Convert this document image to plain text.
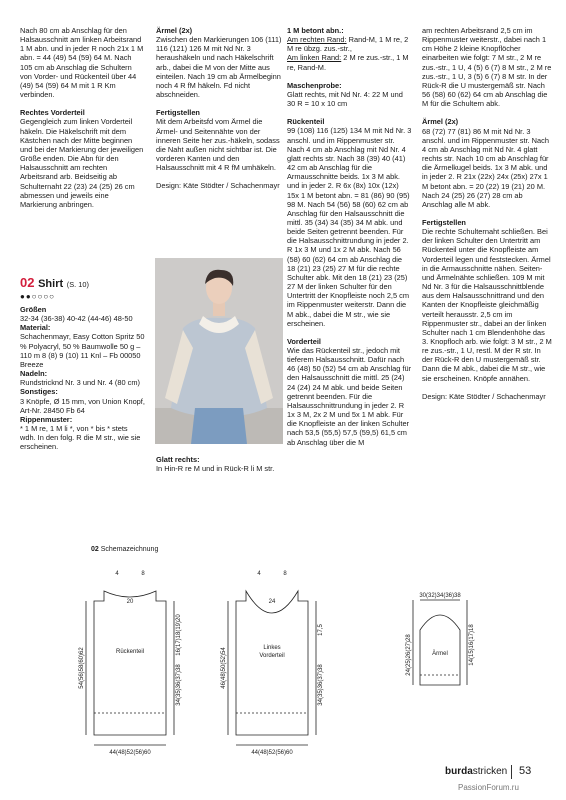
Nach 80 cm ab Anschlag für den Halsausschnitt am linken Arbeitsrand 1 M abn. und in jeder R noch 21x 1 M abn. = 44 (49) 54 (59) 64 M. Nach 105 cm ab Anschlag die Schultern von Vorder- und Rückenteil über 44 (49) 54 (59) 64 M mit 1 R Km verbinden.

Rechtes Vorderteil

Gegengleich zum linken Vorderteil häkeln. Die Häkelschrift mit dem Kästchen nach der Mitte beginnen und bei der Markierung der jeweiligen Größe enden. Die Abn für den Halsausschnitt am rechten Arbeitsrand arb. Beidseitig ab Schulternaht 22 (23) 24 (25) 26 cm abmessen und jeweils eine Markierung anbringen.

02 Shirt (S. 10)
●●○○○○

Größen

32-34 (36-38) 40-42 (44-46) 48-50

Material:

Schachenmayr, Easy Cotton Spritz 50 % Polyacryl, 50 % Baumwolle 50 g – 110 m 8 (8) 9 (10) 11 Knl – Fb 00050 Breeze

Nadeln:

Rundstricknd Nr. 3 und Nr. 4 (80 cm)

Sonstiges:

3 Knöpfe, Ø 15 mm, von Union Knopf, Art-Nr. 28450 Fb 64

Rippenmuster:

* 1 M re, 1 M li *, von * bis * stets wdh. In den folg. R die M str., wie sie erscheinen.

Ärmel (2x)

Zwischen den Markierungen 106 (111) 116 (121) 126 M mit Nd Nr. 3 heraushäkeln und nach Häkelschrift arb., dabei die M von der Mitte aus einteilen. Nach 19 cm ab Ärmelbeginn noch 4 R fM häkeln. Fd nicht abschneiden.

Fertigstellen

Mit dem Arbeitsfd vom Ärmel die Ärmel- und Seitennähte von der inneren Seite her zus.-häkeln, sodass die Naht außen nicht sichtbar ist. Die vorderen Kanten und den Halsausschnitt mit 4 R fM umhäkeln.

Design: Käte Stödter / Schachenmayr

Glatt rechts:

In Hin-R re M und in Rück-R li M str.

1 M betont abn.:

Am rechten Rand: Rand-M, 1 M re, 2 M re übzg. zus.-str.,

Am linken Rand: 2 M re zus.-str., 1 M re, Rand-M.

Maschenprobe:

Glatt rechts, mit Nd Nr. 4: 22 M und 30 R = 10 x 10 cm

Rückenteil

99 (108) 116 (125) 134 M mit Nd Nr. 3 anschl. und im Rippenmuster str. Nach 4 cm ab Anschlag mit Nd Nr. 4 glatt rechts str. Nach 38 (39) 40 (41) 42 cm ab Anschlag für die Armausschnitte beids. 1x 3 M abk. und in jeder 2. R 6x (8x) 10x (12x) 15x 1 M betont abn. = 81 (86) 90 (95) 98 M. Nach 54 (56) 58 (60) 62 cm ab Anschlag für den Halsausschnitt die mittl. 35 (34) 34 (35) 34 M abk. und beide Seiten getrennt beenden. Für die Halsausschnittrundung in jeder 2. R 1x 3 M und 1x 2 M abk. Nach 56 (58) 60 (62) 64 cm ab Anschlag die 18 (21) 23 (25) 27 M für die rechte Schulter abk. Mit den 18 (21) 23 (25) 27 M der linken Schulter für den Untertritt der Knopfleiste noch 2,5 cm im Rippenmuster weiterstr. Dann die M abk., dabei die M str., wie sie erscheinen.

Vorderteil

Wie das Rückenteil str., jedoch mit tieferem Halsausschnitt. Dafür nach 46 (48) 50 (52) 54 cm ab Anschlag für den Halsausschnitt die mittl. 25 (24) 24 (24) 24 M abk. und beide Seiten getrennt beenden. Für die Halsausschnittrundung in jeder 2. R 1x 3 M, 2x 2 M und 5x 1 M abk. Für die Knopfleiste an der linken Schulter nach 53,5 (55,5) 57,5 (59,5) 61,5 cm ab Anschlag über die M

am rechten Arbeitsrand 2,5 cm im Rippenmuster weiterstr., dabei nach 1 cm Höhe 2 kleine Knopflöcher einarbeiten wie folgt: 7 M str., 2 M re zus.-str., 1 U, 4 (5) 6 (7) 8 M str., 2 M re zus.-str., 1 U, 3 (5) 6 (7) 8 M str. In der Rück-R die U mustergemäß str. Nach 56 (58) 60 (62) 64 cm ab Anschlag die M für die Schultern abk.

Ärmel (2x)

68 (72) 77 (81) 86 M mit Nd Nr. 3 anschl. und im Rippenmuster str. Nach 4 cm ab Anschlag mit Nd Nr. 4 glatt rechts str. Nach 10 cm ab Anschlag für die Ärmelkugel beids. 1x 3 M abk. und in jeder 2. R 21x (22x) 24x (25x) 27x 1 M betont abn. = 20 (22) 19 (21) 20 M. Nach 24 (25) 26 (27) 28 cm ab Anschlag alle M abk.

Fertigstellen

Die rechte Schulternaht schließen. Bei der linken Schulter den Untertritt am Rückenteil unter die Knopfleiste am Vorderteil legen und feststecken. Ärmel in die Armausschnitte nähen. Seiten- und Ärmelnähte schließen. 109 M mit Nd Nr. 3 für die Halsausschnittblende aus dem Halsausschnittrand und den Kanten der Knopfleiste gleichmäßig verteilt herausstr. 2,5 cm im Rippenmuster str., dabei an der linken Schulter nach 1 cm Blendenhöhe das 3. Knopfloch arb. wie folgt: 3 M str., 2 M re zus.-str., 1 U, restl. M der R str. In der Rück-R den U mustergemäß str. Dann die M abk., dabei die M str., wie sie erscheinen. Knöpfe annähen.

Design: Käte Stödter / Schachenmayr

02 Schemazeichnung
Rückenteil
Linkes
Vorderteil	Ärmel
44(48)52(56)60	44(48)52(56)60
30(32)34(36)38
20	24
54(56)58(60)62	46(48)50(52)54
16(17)18(19)20
34(35)36(37)38	34(35)36(37)38
17,5
24(25)26(27)28	14(15)16(17)18
4	8	4	8
burdastricken 53
PassionForum.ru
